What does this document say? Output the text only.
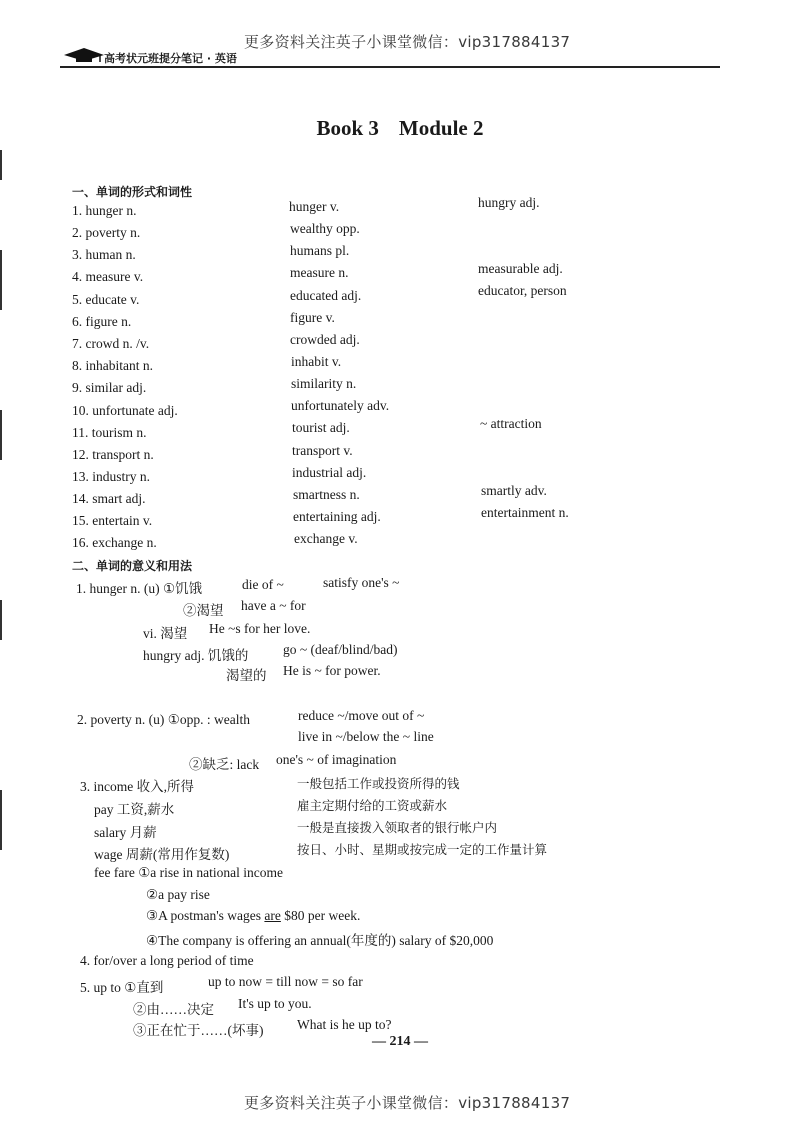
更多资料关注英子小课堂微信：vip317884137
更多资料关注英子小课堂微信：vip317884137
高考状元班提分笔记 · 英语
Book 3 Module 2
一、单词的形式和词性
1. hunger n.	hunger v.	hungry adj.
2. poverty n.	wealthy opp.
3. human n.	humans pl.
4. measure v.	measure n.	measurable adj.
5. educate v.	educated adj.	educator, person
6. figure n.	figure v.
7. crowd n. /v.	crowded adj.
8. inhabitant n.	inhabit v.
9. similar adj.	similarity n.
10. unfortunate adj.	unfortunately adv.
11. tourism n.	tourist adj.	~ attraction
12. transport n.	transport v.
13. industry n.	industrial adj.
14. smart adj.	smartness n.	smartly adv.
15. entertain v.	entertaining adj.	entertainment n.
16. exchange n.	exchange v.
二、单词的意义和用法
1. hunger n. (u) ①饥饿	die of ~	satisfy one's ~
②渴望 have a ~ for
vi. 渴望 He ~s for her love.
hungry adj. 饥饿的	go ~ (deaf/blind/bad)
渴望的 He is ~ for power.
2. poverty n. (u) ①opp. : wealth	reduce ~/move out of ~
live in ~/below the ~ line
②缺乏: lack one's ~ of imagination
3. income 收入,所得	一般包括工作或投资所得的钱
pay 工资,薪水	雇主定期付给的工资或薪水
salary 月薪	一般是直接拨入领取者的银行帐户内
wage 周薪(常用作复数)	按日、小时、星期或按完成一定的工作量计算
fee fare ①a rise in national income
②a pay rise
③A postman's wages are $80 per week.
④The company is offering an annual(年度的) salary of $20,000
4. for/over a long period of time
5. up to ①直到	up to now = till now = so far
②由……决定 It's up to you.
③正在忙于……(坏事) What is he up to?
— 214 —
